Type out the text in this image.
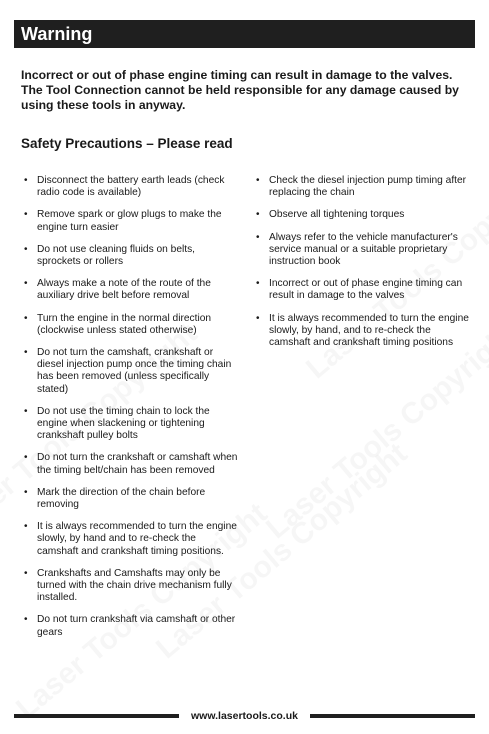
Warning

Incorrect or out of phase engine timing can result in damage to the valves.
The Tool Connection cannot be held responsible for any damage caused by
using these tools in anyway.

Safety Precautions – Please read
• Disconnect the battery earth leads (check radio code is available)
• Remove spark or glow plugs to make the engine turn easier
• Do not use cleaning fluids on belts, sprockets or rollers
• Always make a note of the route of the auxiliary drive belt before removal
• Turn the engine in the normal direction (clockwise unless stated otherwise)
• Do not turn the camshaft, crankshaft or diesel injection pump once the timing chain has been removed (unless specifically stated)
• Do not use the timing chain to lock the engine when slackening or tightening crankshaft pulley bolts
• Do not turn the crankshaft or camshaft when the timing belt/chain has been removed
• Mark the direction of the chain before removing
• It is always recommended to turn the engine slowly, by hand and to re-check the camshaft and crankshaft timing positions.
• Crankshafts and Camshafts may only be turned with the chain drive mechanism fully installed.
• Do not turn crankshaft via camshaft or other gears
• Check the diesel injection pump timing after replacing the chain
• Observe all tightening torques
• Always refer to the vehicle manufacturer's service manual or a suitable proprietary instruction book
• Incorrect or out of phase engine timing can result in damage to the valves
• It is always recommended to turn the engine slowly, by hand, and to re-check the camshaft and crankshaft timing positions
www.lasertools.co.uk
